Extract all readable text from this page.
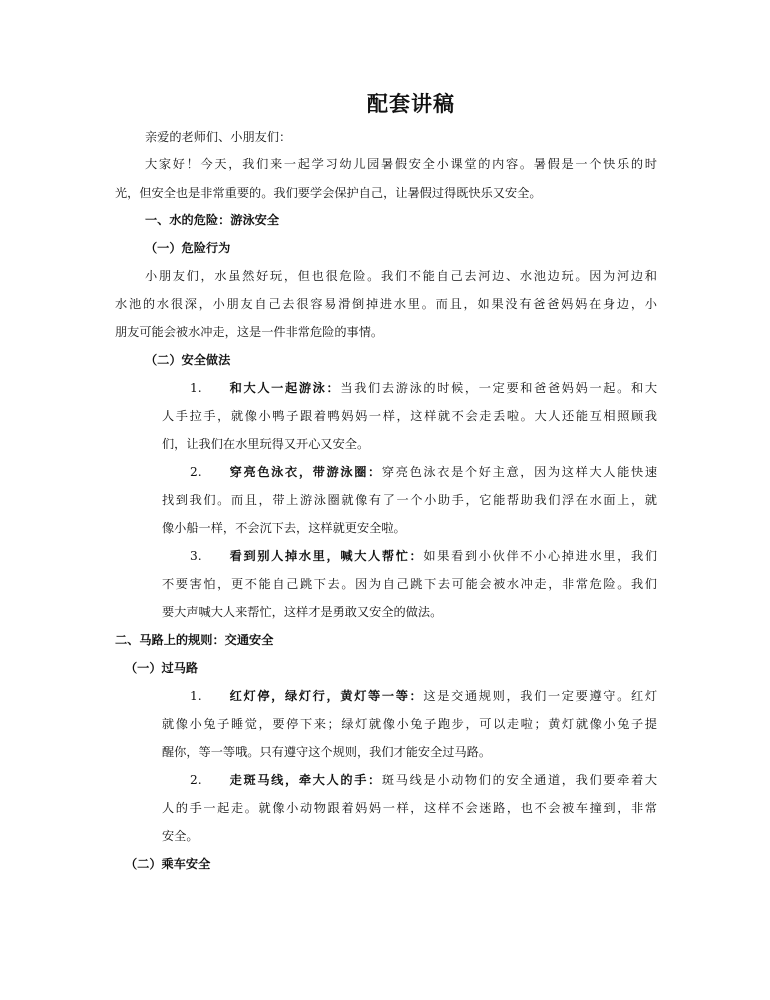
配套讲稿
亲爱的老师们、小朋友们：
大家好！今天，我们来一起学习幼儿园暑假安全小课堂的内容。暑假是一个快乐的时
光，但安全也是非常重要的。我们要学会保护自己，让暑假过得既快乐又安全。
一、水的危险：游泳安全
（一）危险行为
小朋友们，水虽然好玩，但也很危险。我们不能自己去河边、水池边玩。因为河边和
水池的水很深，小朋友自己去很容易滑倒掉进水里。而且，如果没有爸爸妈妈在身边，小
朋友可能会被水冲走，这是一件非常危险的事情。
（二）安全做法
1. 和大人一起游泳：当我们去游泳的时候，一定要和爸爸妈妈一起。和大
人手拉手，就像小鸭子跟着鸭妈妈一样，这样就不会走丢啦。大人还能互相照顾我
们，让我们在水里玩得又开心又安全。
2. 穿亮色泳衣，带游泳圈：穿亮色泳衣是个好主意，因为这样大人能快速
找到我们。而且，带上游泳圈就像有了一个小助手，它能帮助我们浮在水面上，就
像小船一样，不会沉下去，这样就更安全啦。
3. 看到别人掉水里，喊大人帮忙：如果看到小伙伴不小心掉进水里，我们
不要害怕，更不能自己跳下去。因为自己跳下去可能会被水冲走，非常危险。我们
要大声喊大人来帮忙，这样才是勇敢又安全的做法。
二、马路上的规则：交通安全
（一）过马路
1. 红灯停，绿灯行，黄灯等一等：这是交通规则，我们一定要遵守。红灯
就像小兔子睡觉，要停下来；绿灯就像小兔子跑步，可以走啦；黄灯就像小兔子提
醒你，等一等哦。只有遵守这个规则，我们才能安全过马路。
2. 走斑马线，牵大人的手：斑马线是小动物们的安全通道，我们要牵着大
人的手一起走。就像小动物跟着妈妈一样，这样不会迷路，也不会被车撞到，非常
安全。
（二）乘车安全
